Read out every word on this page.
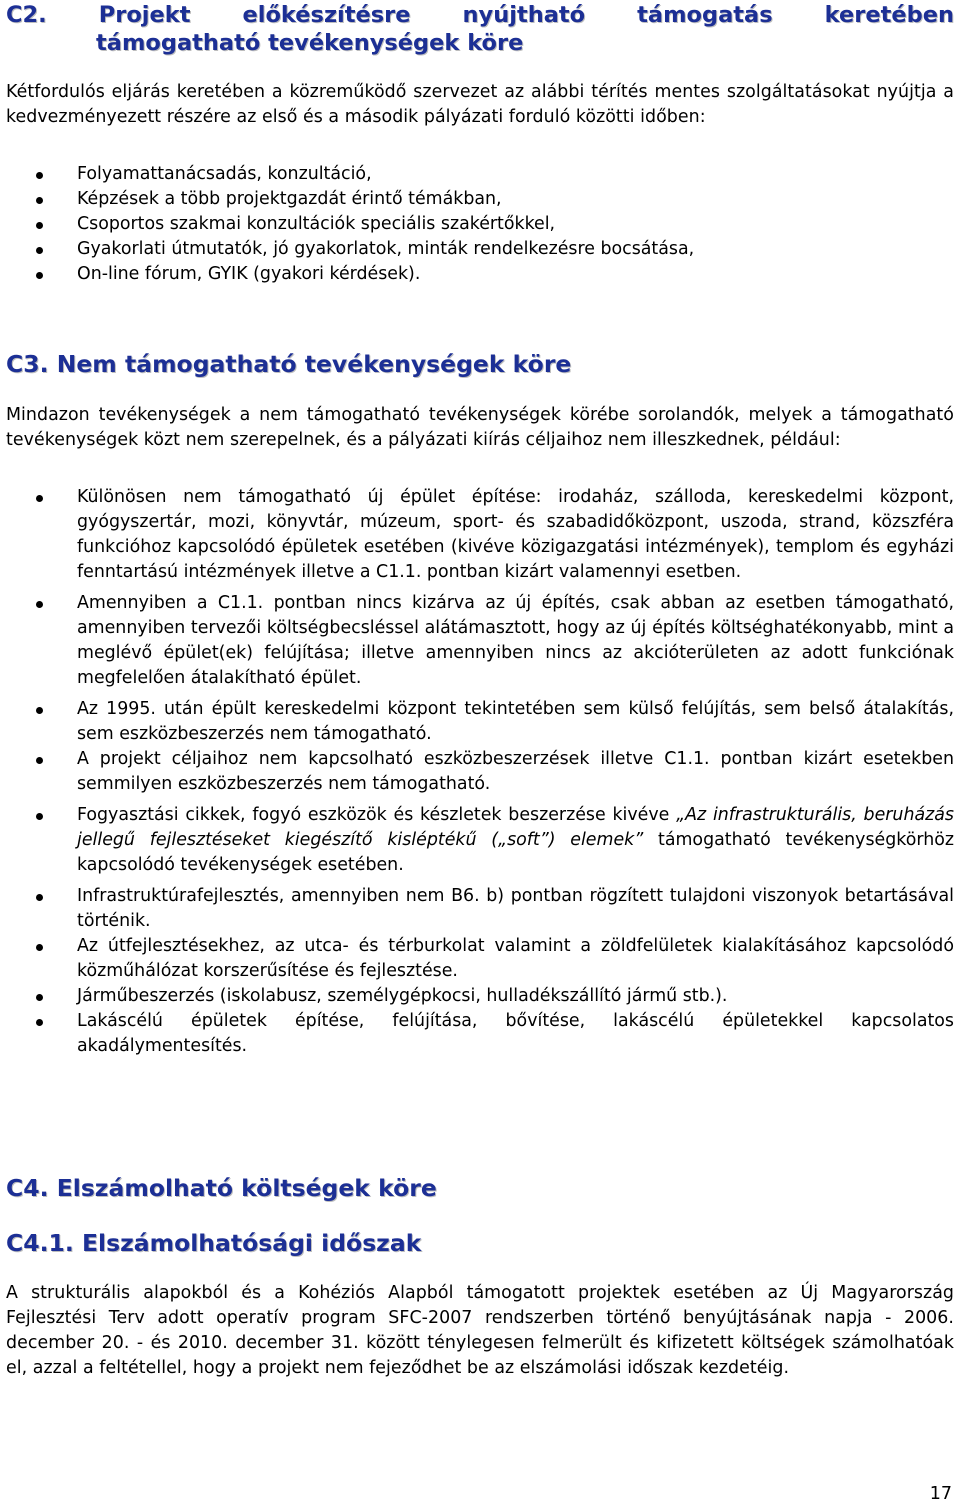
C2. Projekt előkészítésre nyújtható támogatás keretében
támogatható tevékenységek köre

Kétfordulós eljárás keretében a közreműködő szervezet az alábbi térítés mentes szolgáltatásokat nyújtja a kedvezményezett részére az első és a második pályázati forduló közötti időben:

Folyamattanácsadás, konzultáció,
Képzések a több projektgazdát érintő témákban,
Csoportos szakmai konzultációk speciális szakértőkkel,
Gyakorlati útmutatók, jó gyakorlatok, minták rendelkezésre bocsátása,
On-line fórum, GYIK (gyakori kérdések).
C3. Nem támogatható tevékenységek köre

Mindazon tevékenységek a nem támogatható tevékenységek körébe sorolandók, melyek a támogatható tevékenységek közt nem szerepelnek, és a pályázati kiírás céljaihoz nem illeszkednek, például:

Különösen nem támogatható új épület építése: irodaház, szálloda, kereskedelmi központ, gyógyszertár, mozi, könyvtár, múzeum, sport- és szabadidőközpont, uszoda, strand, közszféra funkcióhoz kapcsolódó épületek esetében (kivéve közigazgatási intézmények), templom és egyházi fenntartású intézmények illetve a C1.1. pontban kizárt valamennyi esetben.
Amennyiben a C1.1. pontban nincs kizárva az új építés, csak abban az esetben támogatható, amennyiben tervezői költségbecsléssel alátámasztott, hogy az új építés költséghatékonyabb, mint a meglévő épület(ek) felújítása; illetve amennyiben nincs az akcióterületen az adott funkciónak megfelelően átalakítható épület.
Az 1995. után épült kereskedelmi központ tekintetében sem külső felújítás, sem belső átalakítás, sem eszközbeszerzés nem támogatható.
A projekt céljaihoz nem kapcsolható eszközbeszerzések illetve C1.1. pontban kizárt esetekben semmilyen eszközbeszerzés nem támogatható.
Fogyasztási cikkek, fogyó eszközök és készletek beszerzése kivéve „Az infrastrukturális, beruházás jellegű fejlesztéseket kiegészítő kisléptékű („soft”) elemek” támogatható tevékenységkörhöz kapcsolódó tevékenységek esetében.
Infrastruktúrafejlesztés, amennyiben nem B6. b) pontban rögzített tulajdoni viszonyok betartásával történik.
Az útfejlesztésekhez, az utca- és térburkolat valamint a zöldfelületek kialakításához kapcsolódó közműhálózat korszerűsítése és fejlesztése.
Járműbeszerzés (iskolabusz, személygépkocsi, hulladékszállító jármű stb.).
Lakáscélú épületek építése, felújítása, bővítése, lakáscélú épületekkel kapcsolatos akadálymentesítés.
C4. Elszámolható költségek köre
C4.1. Elszámolhatósági időszak

A strukturális alapokból és a Kohéziós Alapból támogatott projektek esetében az Új Magyarország Fejlesztési Terv adott operatív program SFC-2007 rendszerben történő benyújtásának napja - 2006. december 20. - és 2010. december 31. között ténylegesen felmerült és kifizetett költségek számolhatóak el, azzal a feltétellel, hogy a projekt nem fejeződhet be az elszámolási időszak kezdetéig.

17
